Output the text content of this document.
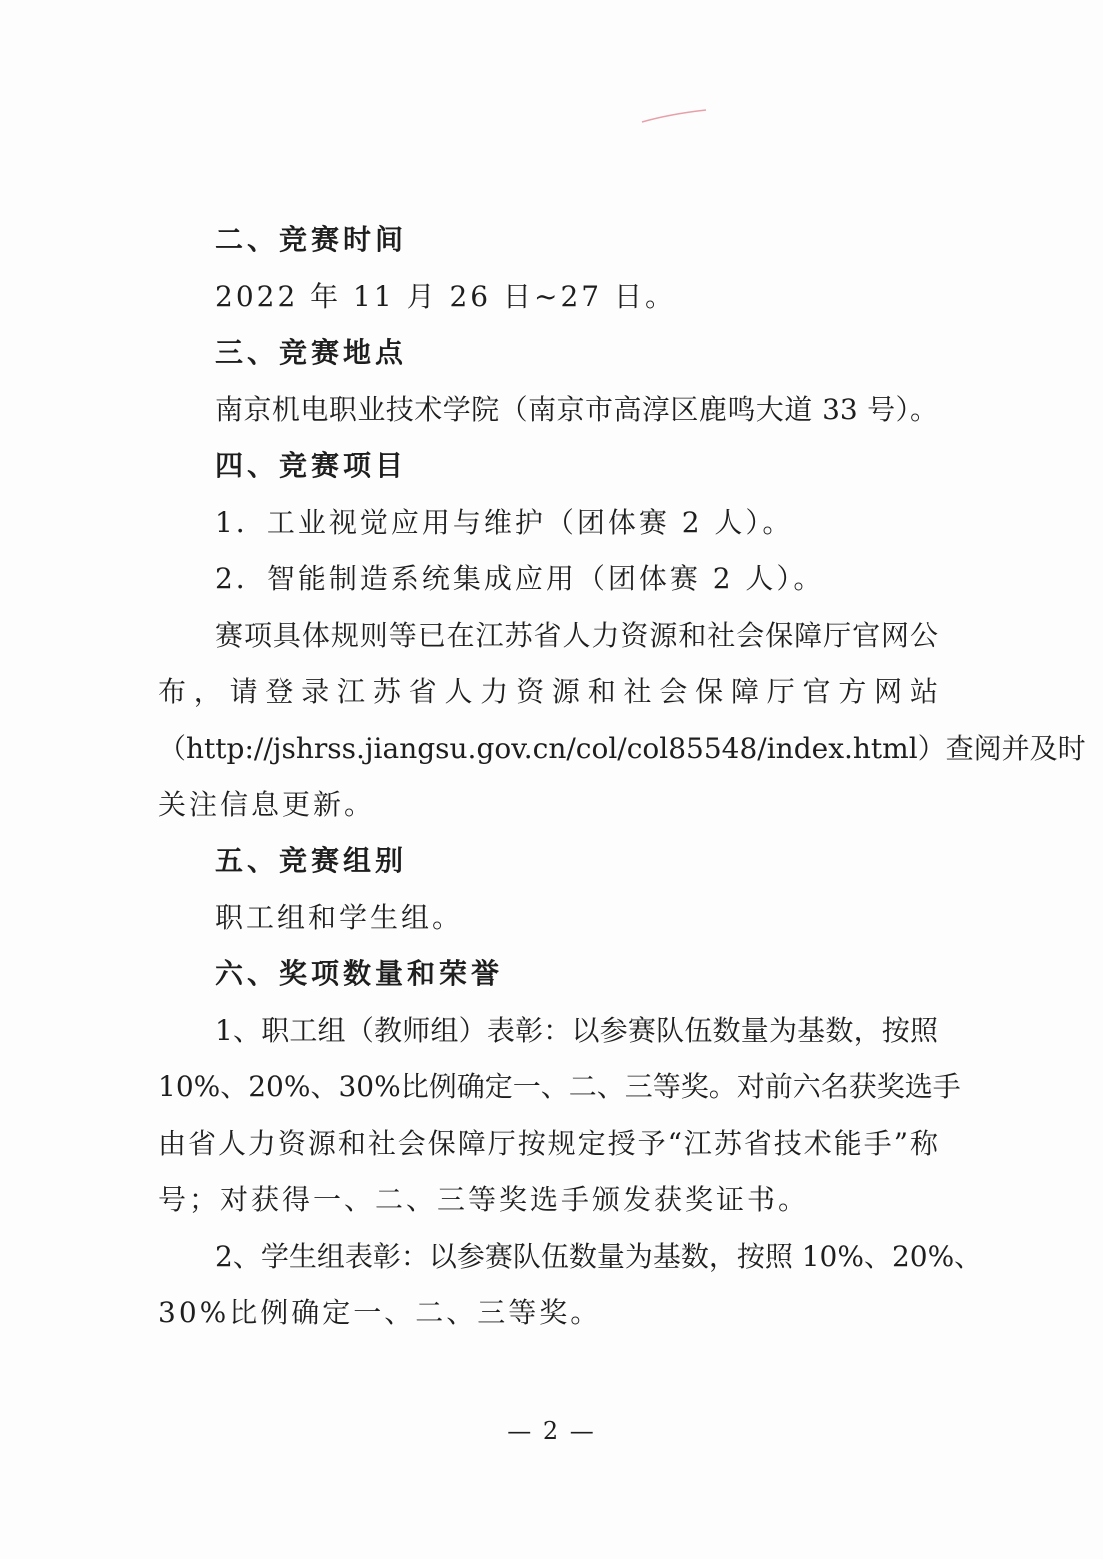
二、竞赛时间
2022 年 11 月 26 日~27 日。
三、竞赛地点
南京机电职业技术学院（南京市高淳区鹿鸣大道 33 号）。
四、竞赛项目
1．工业视觉应用与维护（团体赛 2 人）。
2．智能制造系统集成应用（团体赛 2 人）。
赛项具体规则等已在江苏省人力资源和社会保障厅官网公
布，请登录江苏省人力资源和社会保障厅官方网站
（http://jshrss.jiangsu.gov.cn/col/col85548/index.html）查阅并及时
关注信息更新。
五、竞赛组别
职工组和学生组。
六、奖项数量和荣誉
1、职工组（教师组）表彰：以参赛队伍数量为基数，按照
10%、20%、30%比例确定一、二、三等奖。对前六名获奖选手
由省人力资源和社会保障厅按规定授予“江苏省技术能手”称
号；对获得一、二、三等奖选手颁发获奖证书。
2、学生组表彰：以参赛队伍数量为基数，按照 10%、20%、
30%比例确定一、二、三等奖。
— 2 —
